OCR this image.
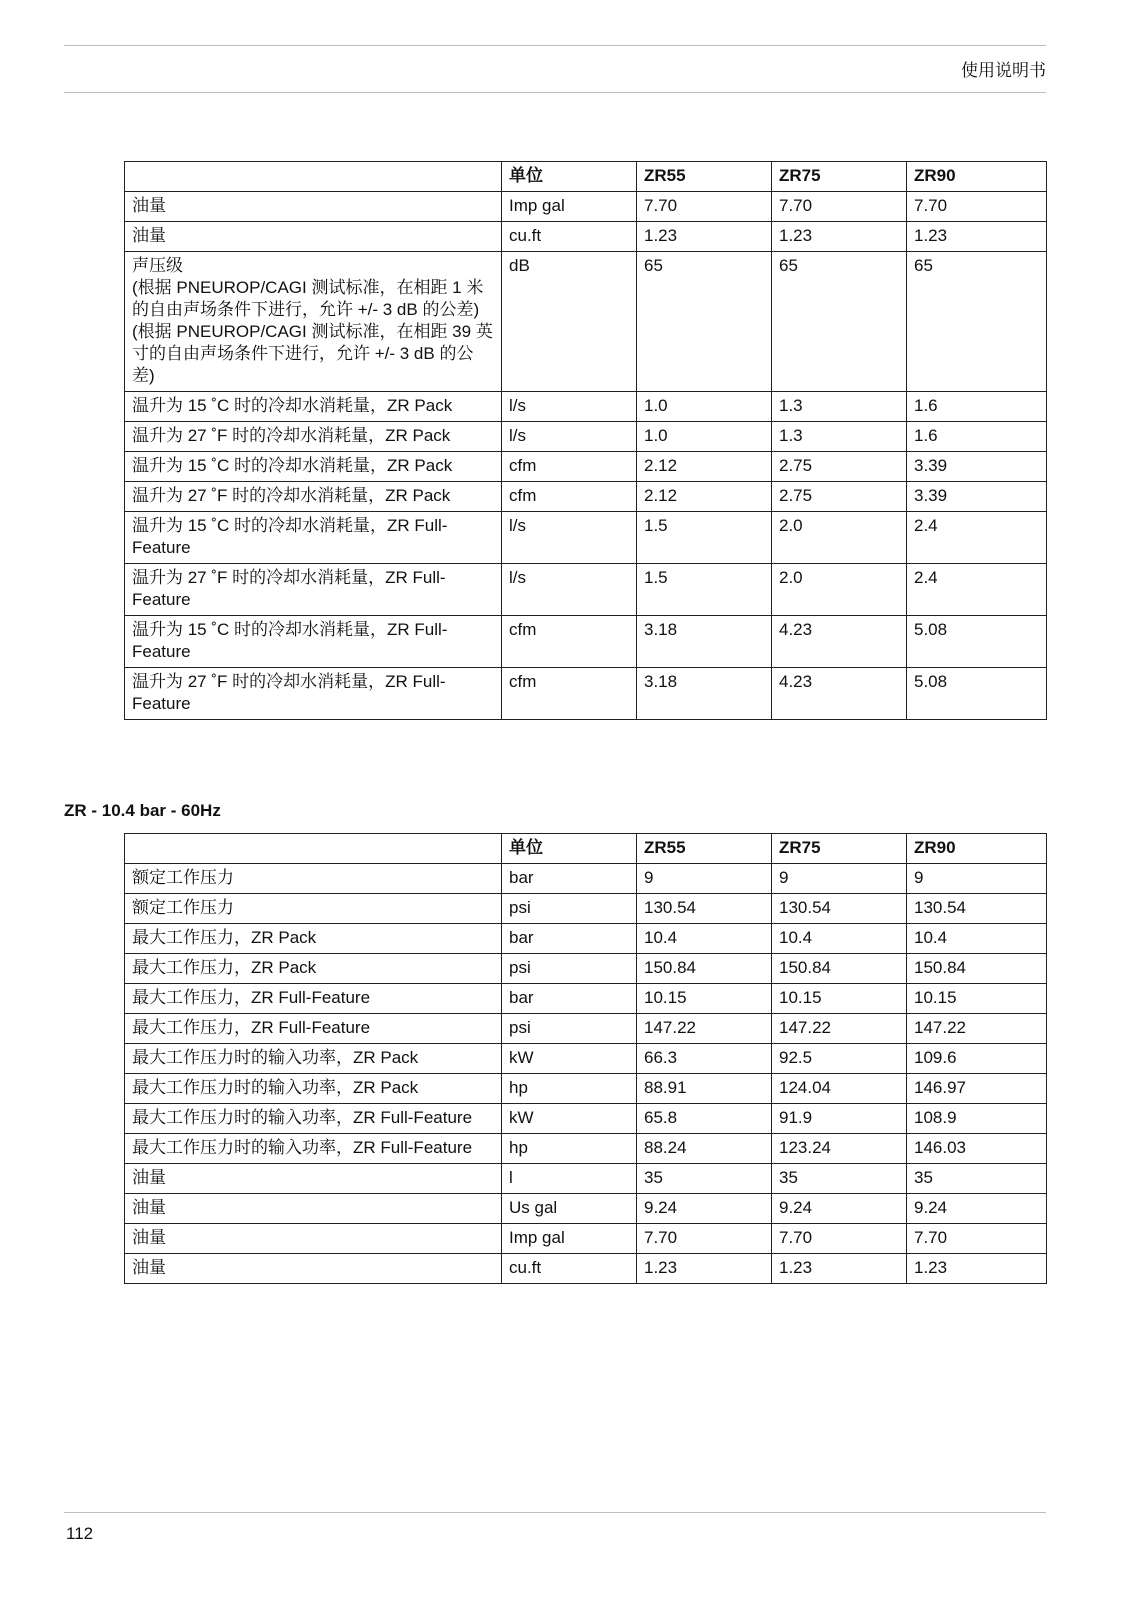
使用说明书
	单位	ZR55	ZR75	ZR90
油量	Imp gal	7.70	7.70	7.70
油量	cu.ft	1.23	1.23	1.23
声压级
(根据 PNEUROP/CAGI 测试标准，在相距 1 米的自由声场条件下进行，允许 +/- 3 dB 的公差)
(根据 PNEUROP/CAGI 测试标准，在相距 39 英寸的自由声场条件下进行，允许 +/- 3 dB 的公差)	dB	65	65	65
温升为 15 ˚C 时的冷却水消耗量，ZR Pack	l/s	1.0	1.3	1.6
温升为 27 ˚F 时的冷却水消耗量，ZR Pack	l/s	1.0	1.3	1.6
温升为 15 ˚C 时的冷却水消耗量，ZR Pack	cfm	2.12	2.75	3.39
温升为 27 ˚F 时的冷却水消耗量，ZR Pack	cfm	2.12	2.75	3.39
温升为 15 ˚C 时的冷却水消耗量，ZR Full-Feature	l/s	1.5	2.0	2.4
温升为 27 ˚F 时的冷却水消耗量，ZR Full-Feature	l/s	1.5	2.0	2.4
温升为 15 ˚C 时的冷却水消耗量，ZR Full-Feature	cfm	3.18	4.23	5.08
温升为 27 ˚F 时的冷却水消耗量，ZR Full-Feature	cfm	3.18	4.23	5.08
ZR - 10.4 bar - 60Hz
	单位	ZR55	ZR75	ZR90
额定工作压力	bar	9	9	9
额定工作压力	psi	130.54	130.54	130.54
最大工作压力，ZR Pack	bar	10.4	10.4	10.4
最大工作压力，ZR Pack	psi	150.84	150.84	150.84
最大工作压力，ZR Full-Feature	bar	10.15	10.15	10.15
最大工作压力，ZR Full-Feature	psi	147.22	147.22	147.22
最大工作压力时的输入功率，ZR Pack	kW	66.3	92.5	109.6
最大工作压力时的输入功率，ZR Pack	hp	88.91	124.04	146.97
最大工作压力时的输入功率，ZR Full-Feature	kW	65.8	91.9	108.9
最大工作压力时的输入功率，ZR Full-Feature	hp	88.24	123.24	146.03
油量	l	35	35	35
油量	Us gal	9.24	9.24	9.24
油量	Imp gal	7.70	7.70	7.70
油量	cu.ft	1.23	1.23	1.23
112
